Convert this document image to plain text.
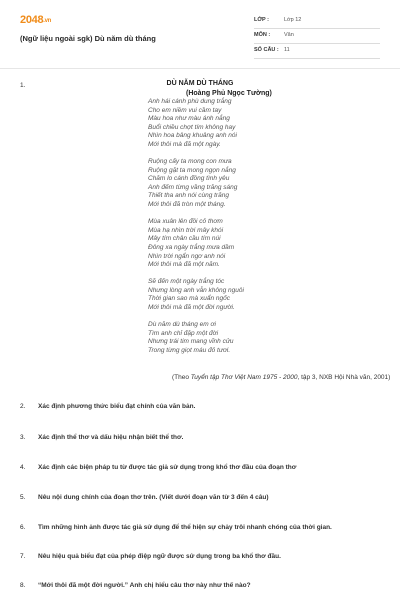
2048.vn
(Ngữ liệu ngoài sgk) Dù năm dù tháng
LỚP :	Lớp 12
MÔN :	Văn
SỐ CÂU : 11
1.	DÙ NĂM DÙ THÁNG
(Hoàng Phủ Ngọc Tường)
Anh hái cánh phù dung trắng
Cho em niềm vui cầm tay
Màu hoa như màu ánh nắng
Buổi chiều chợt tím không hay
Nhìn hoa bâng khuâng anh nói
Mới thôi mà đã một ngày.
Ruộng cấy ta mong con mưa
Ruộng gặt ta mong ngọn nắng
Chăm lo cánh đồng tình yêu
Anh đếm từng vầng trăng sáng
Thiết tha anh nói cùng trăng
Mới thôi đã tròn một tháng.
Mùa xuân lên đồi cỏ thơm
Mùa hạ nhìn trời mây khói
Mây tím chân cầu tím núi
Đông xa ngày trắng mưa dầm
Nhìn trời ngẩn ngơ anh nói
Mới thôi mà đã một năm.
Sẽ đến một ngày trắng tóc
Nhưng lòng anh vẫn không nguôi
Thời gian sao mà xuẩn ngốc
Mới thôi mà đã một đời người.
Dù năm dù tháng em ơi
Tìm anh chỉ đặp một đời
Nhưng trái tim mang vĩnh cửu
Trong từng giọt máu đỏ tươi.
(Theo Tuyển tập Thơ Việt Nam 1975 - 2000, tập 3, NXB Hội Nhà văn, 2001)
2. Xác định phương thức biểu đạt chính của văn bản.
3. Xác định thể thơ và dấu hiệu nhận biết thể thơ.
4. Xác định các biện pháp tu từ được tác giả sử dụng trong khổ thơ đầu của đoạn thơ
5. Nêu nội dung chính của đoạn thơ trên. (Viết dưới đoạn văn từ 3 đến 4 câu)
6. Tìm những hình ảnh được tác giả sử dụng để thể hiện sự chảy trôi nhanh chóng của thời gian.
7. Nêu hiệu quả biểu đạt của phép điệp ngữ được sử dụng trong ba khổ thơ đầu.
8. “Mới thôi đã một đời người.” Anh chị hiểu câu thơ này như thế nào?
